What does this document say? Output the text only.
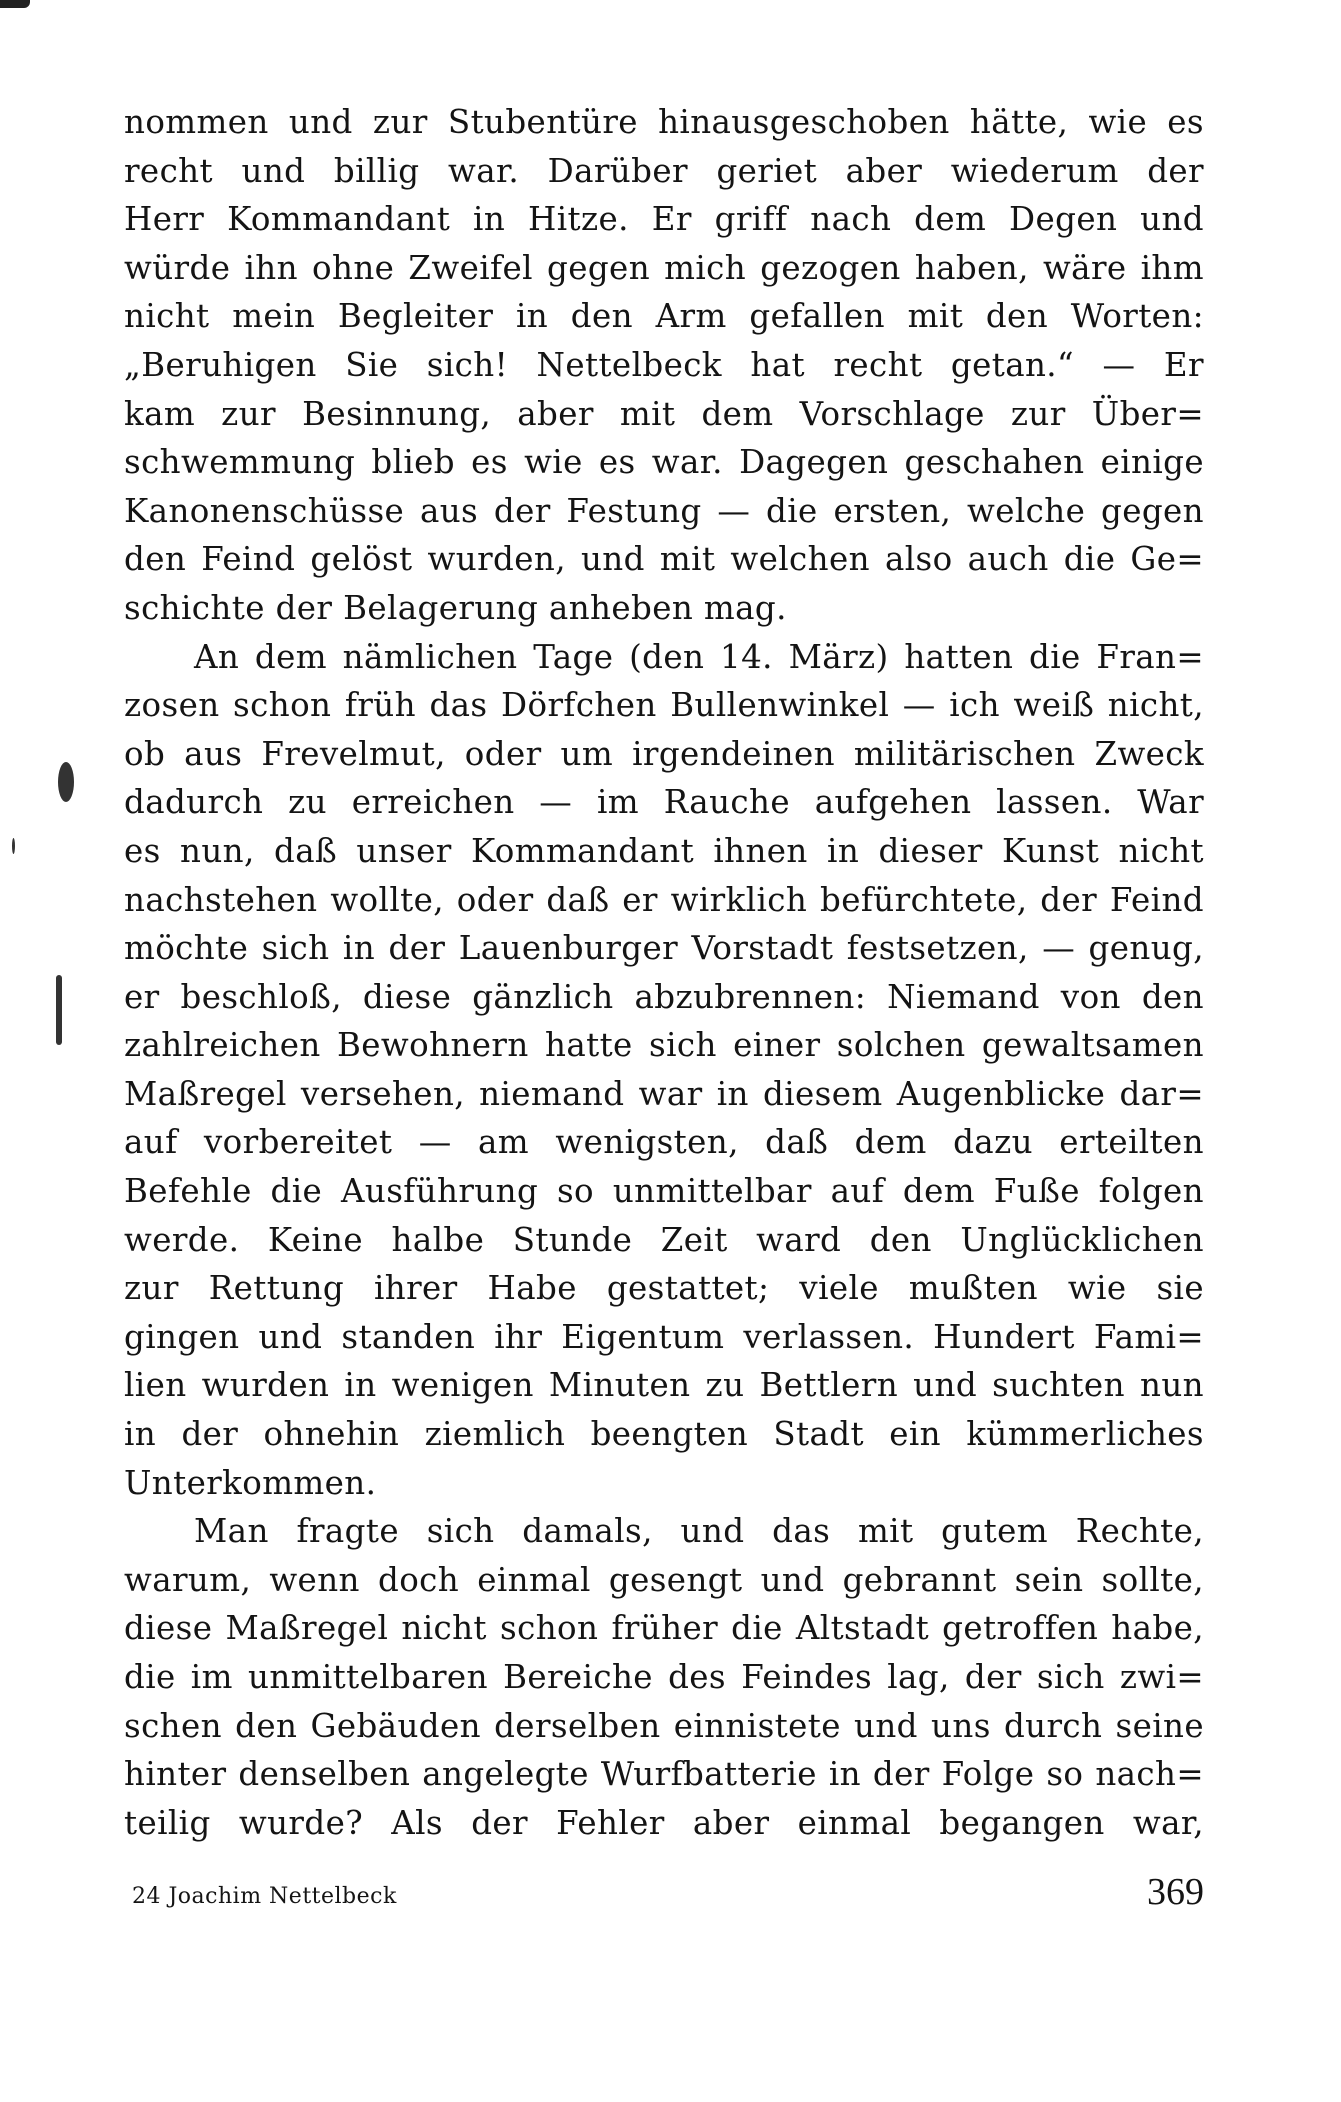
nommen und zur Stubentüre hinausgeschoben hätte, wie es
recht und billig war. Darüber geriet aber wiederum der
Herr Kommandant in Hitze. Er griff nach dem Degen und
würde ihn ohne Zweifel gegen mich gezogen haben, wäre ihm
nicht mein Begleiter in den Arm gefallen mit den Worten:
„Beruhigen Sie sich! Nettelbeck hat recht getan.“ — Er
kam zur Besinnung, aber mit dem Vorschlage zur Über=
schwemmung blieb es wie es war. Dagegen geschahen einige
Kanonenschüsse aus der Festung — die ersten, welche gegen
den Feind gelöst wurden, und mit welchen also auch die Ge=
schichte der Belagerung anheben mag.
An dem nämlichen Tage (den 14. März) hatten die Fran=
zosen schon früh das Dörfchen Bullenwinkel — ich weiß nicht,
ob aus Frevelmut, oder um irgendeinen militärischen Zweck
dadurch zu erreichen — im Rauche aufgehen lassen. War
es nun, daß unser Kommandant ihnen in dieser Kunst nicht
nachstehen wollte, oder daß er wirklich befürchtete, der Feind
möchte sich in der Lauenburger Vorstadt festsetzen, — genug,
er beschloß, diese gänzlich abzubrennen: Niemand von den
zahlreichen Bewohnern hatte sich einer solchen gewaltsamen
Maßregel versehen, niemand war in diesem Augenblicke dar=
auf vorbereitet — am wenigsten, daß dem dazu erteilten
Befehle die Ausführung so unmittelbar auf dem Fuße folgen
werde. Keine halbe Stunde Zeit ward den Unglücklichen
zur Rettung ihrer Habe gestattet; viele mußten wie sie
gingen und standen ihr Eigentum verlassen. Hundert Fami=
lien wurden in wenigen Minuten zu Bettlern und suchten nun
in der ohnehin ziemlich beengten Stadt ein kümmerliches
Unterkommen.
Man fragte sich damals, und das mit gutem Rechte,
warum, wenn doch einmal gesengt und gebrannt sein sollte,
diese Maßregel nicht schon früher die Altstadt getroffen habe,
die im unmittelbaren Bereiche des Feindes lag, der sich zwi=
schen den Gebäuden derselben einnistete und uns durch seine
hinter denselben angelegte Wurfbatterie in der Folge so nach=
teilig wurde? Als der Fehler aber einmal begangen war,
24 Joachim Nettelbeck	369
